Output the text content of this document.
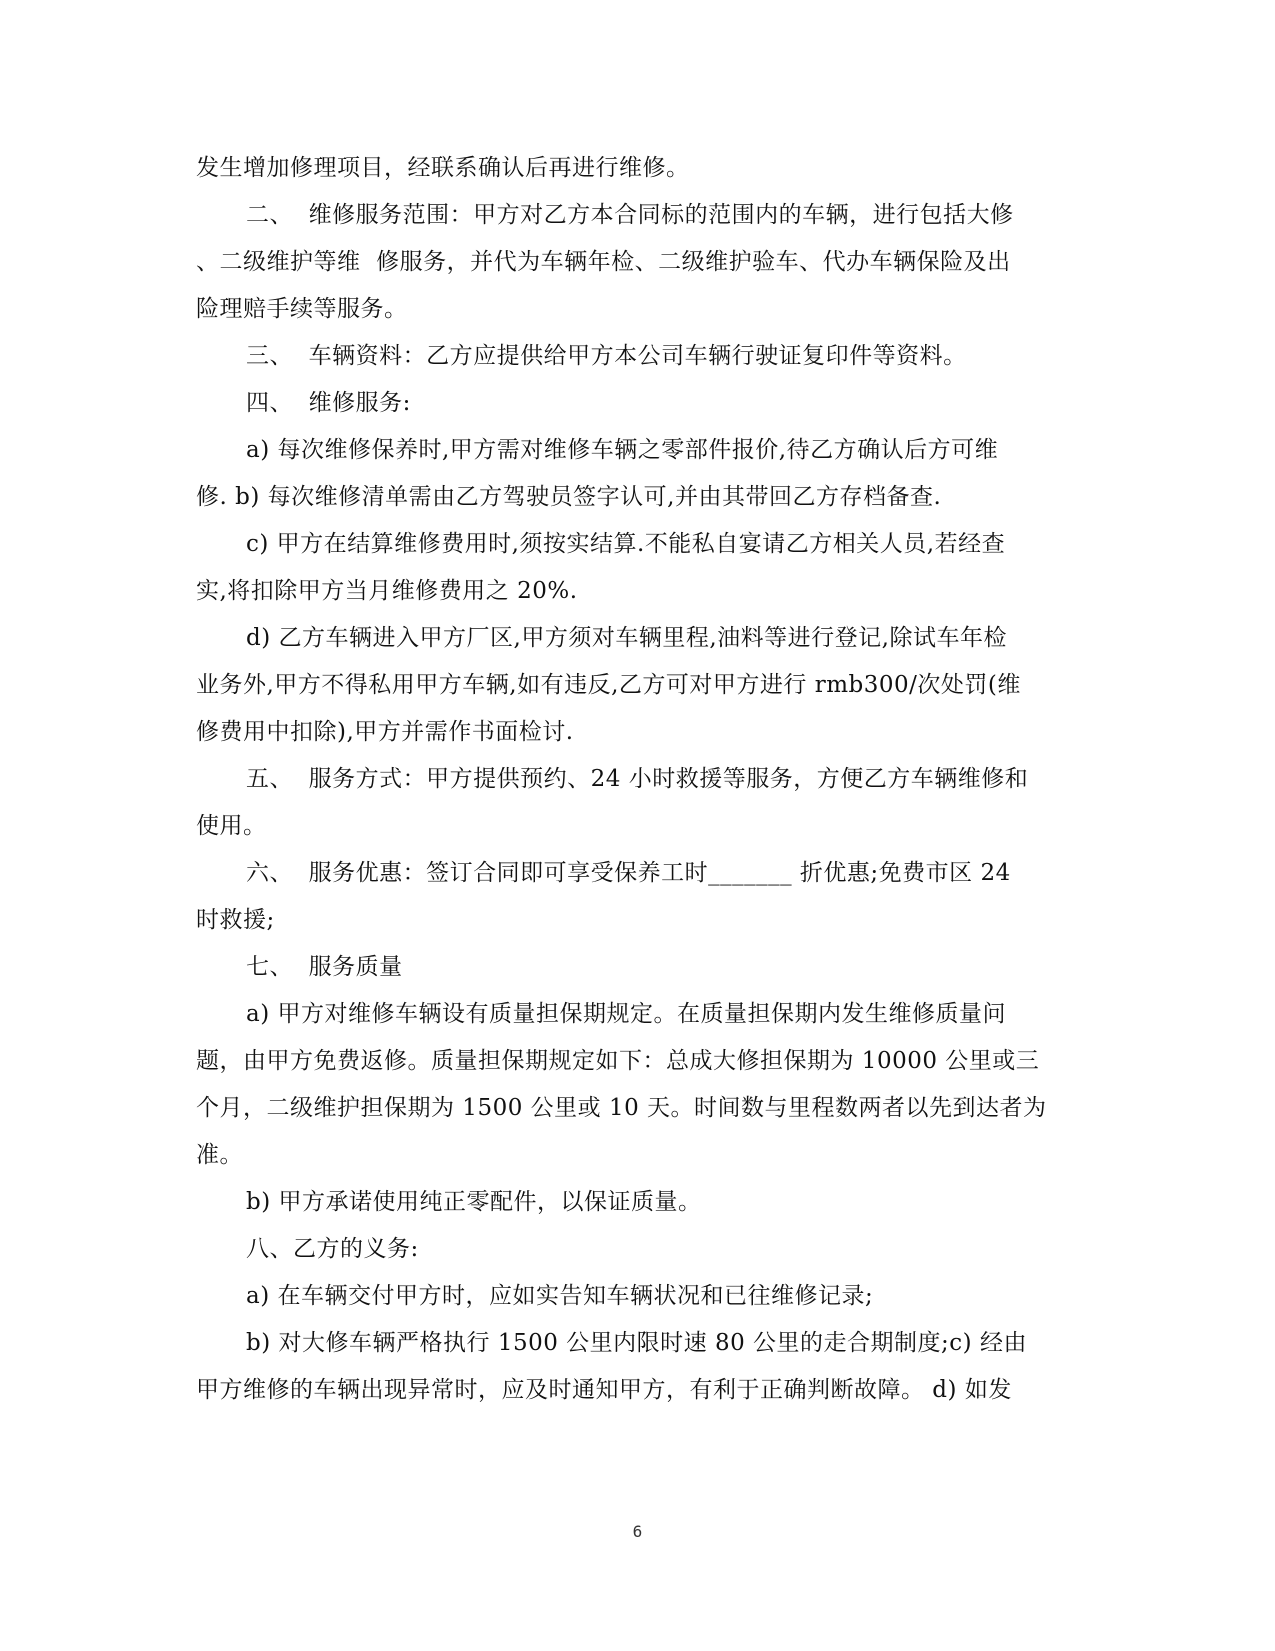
发生增加修理项目，经联系确认后再进行维修。
二、  维修服务范围：甲方对乙方本合同标的范围内的车辆，进行包括大修
、二级维护等维  修服务，并代为车辆年检、二级维护验车、代办车辆保险及出
险理赔手续等服务。
三、  车辆资料：乙方应提供给甲方本公司车辆行驶证复印件等资料。
四、  维修服务:
a) 每次维修保养时,甲方需对维修车辆之零部件报价,待乙方确认后方可维
修. b) 每次维修清单需由乙方驾驶员签字认可,并由其带回乙方存档备查.
c) 甲方在结算维修费用时,须按实结算.不能私自宴请乙方相关人员,若经查
实,将扣除甲方当月维修费用之 20%.
d) 乙方车辆进入甲方厂区,甲方须对车辆里程,油料等进行登记,除试车年检
业务外,甲方不得私用甲方车辆,如有违反,乙方可对甲方进行 rmb300/次处罚(维
修费用中扣除),甲方并需作书面检讨.
五、  服务方式：甲方提供预约、24 小时救援等服务，方便乙方车辆维修和
使用。
六、  服务优惠：签订合同即可享受保养工时_______ 折优惠;免费市区 24
时救援;
七、  服务质量
a) 甲方对维修车辆设有质量担保期规定。在质量担保期内发生维修质量问
题，由甲方免费返修。质量担保期规定如下：总成大修担保期为 10000 公里或三
个月，二级维护担保期为 1500 公里或 10 天。时间数与里程数两者以先到达者为
准。
b) 甲方承诺使用纯正零配件，以保证质量。
八、乙方的义务:
a) 在车辆交付甲方时，应如实告知车辆状况和已往维修记录;
b) 对大修车辆严格执行 1500 公里内限时速 80 公里的走合期制度;c) 经由
甲方维修的车辆出现异常时，应及时通知甲方，有利于正确判断故障。 d) 如发
6
